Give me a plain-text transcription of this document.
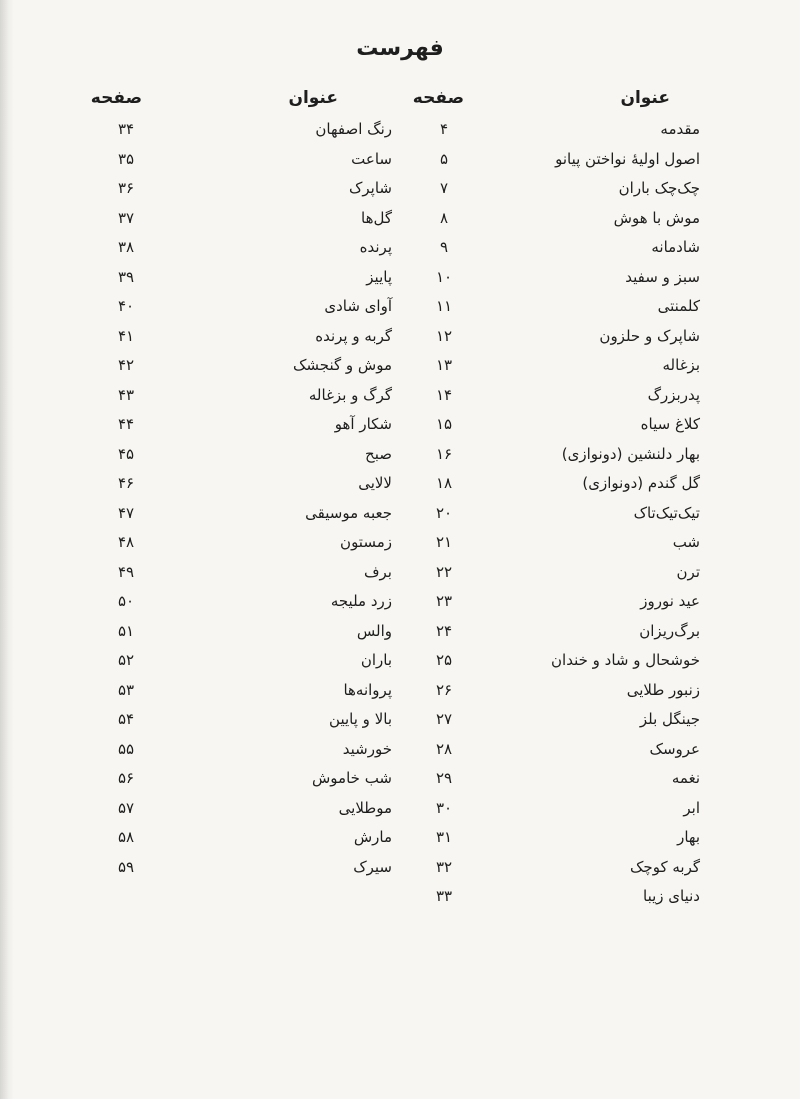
فهرست
عنوان
صفحه
عنوان
صفحه
مقدمه
۴
رنگ اصفهان
۳۴
اصول اولیهٔ نواختن پیانو
۵
ساعت
۳۵
چک‌چک باران
۷
شاپرک
۳۶
موش با هوش
۸
گل‌ها
۳۷
شادمانه
۹
پرنده
۳۸
سبز و سفید
۱۰
پاییز
۳۹
کلمنتی
۱۱
آوای شادی
۴۰
شاپرک و حلزون
۱۲
گربه و پرنده
۴۱
بزغاله
۱۳
موش و گنجشک
۴۲
پدربزرگ
۱۴
گرگ و بزغاله
۴۳
کلاغ سیاه
۱۵
شکار آهو
۴۴
بهار دلنشین (دونوازی)
۱۶
صبح
۴۵
گل گندم (دونوازی)
۱۸
لالایی
۴۶
تیک‌تیک‌تاک
۲۰
جعبه موسیقی
۴۷
شب
۲۱
زمستون
۴۸
ترن
۲۲
برف
۴۹
عید نوروز
۲۳
زرد ملیجه
۵۰
برگ‌ریزان
۲۴
والس
۵۱
خوشحال و شاد و خندان
۲۵
باران
۵۲
زنبور طلایی
۲۶
پروانه‌ها
۵۳
جینگل بلز
۲۷
بالا و پایین
۵۴
عروسک
۲۸
خورشید
۵۵
نغمه
۲۹
شب خاموش
۵۶
ابر
۳۰
موطلایی
۵۷
بهار
۳۱
مارش
۵۸
گربه کوچک
۳۲
سیرک
۵۹
دنیای زیبا
۳۳
